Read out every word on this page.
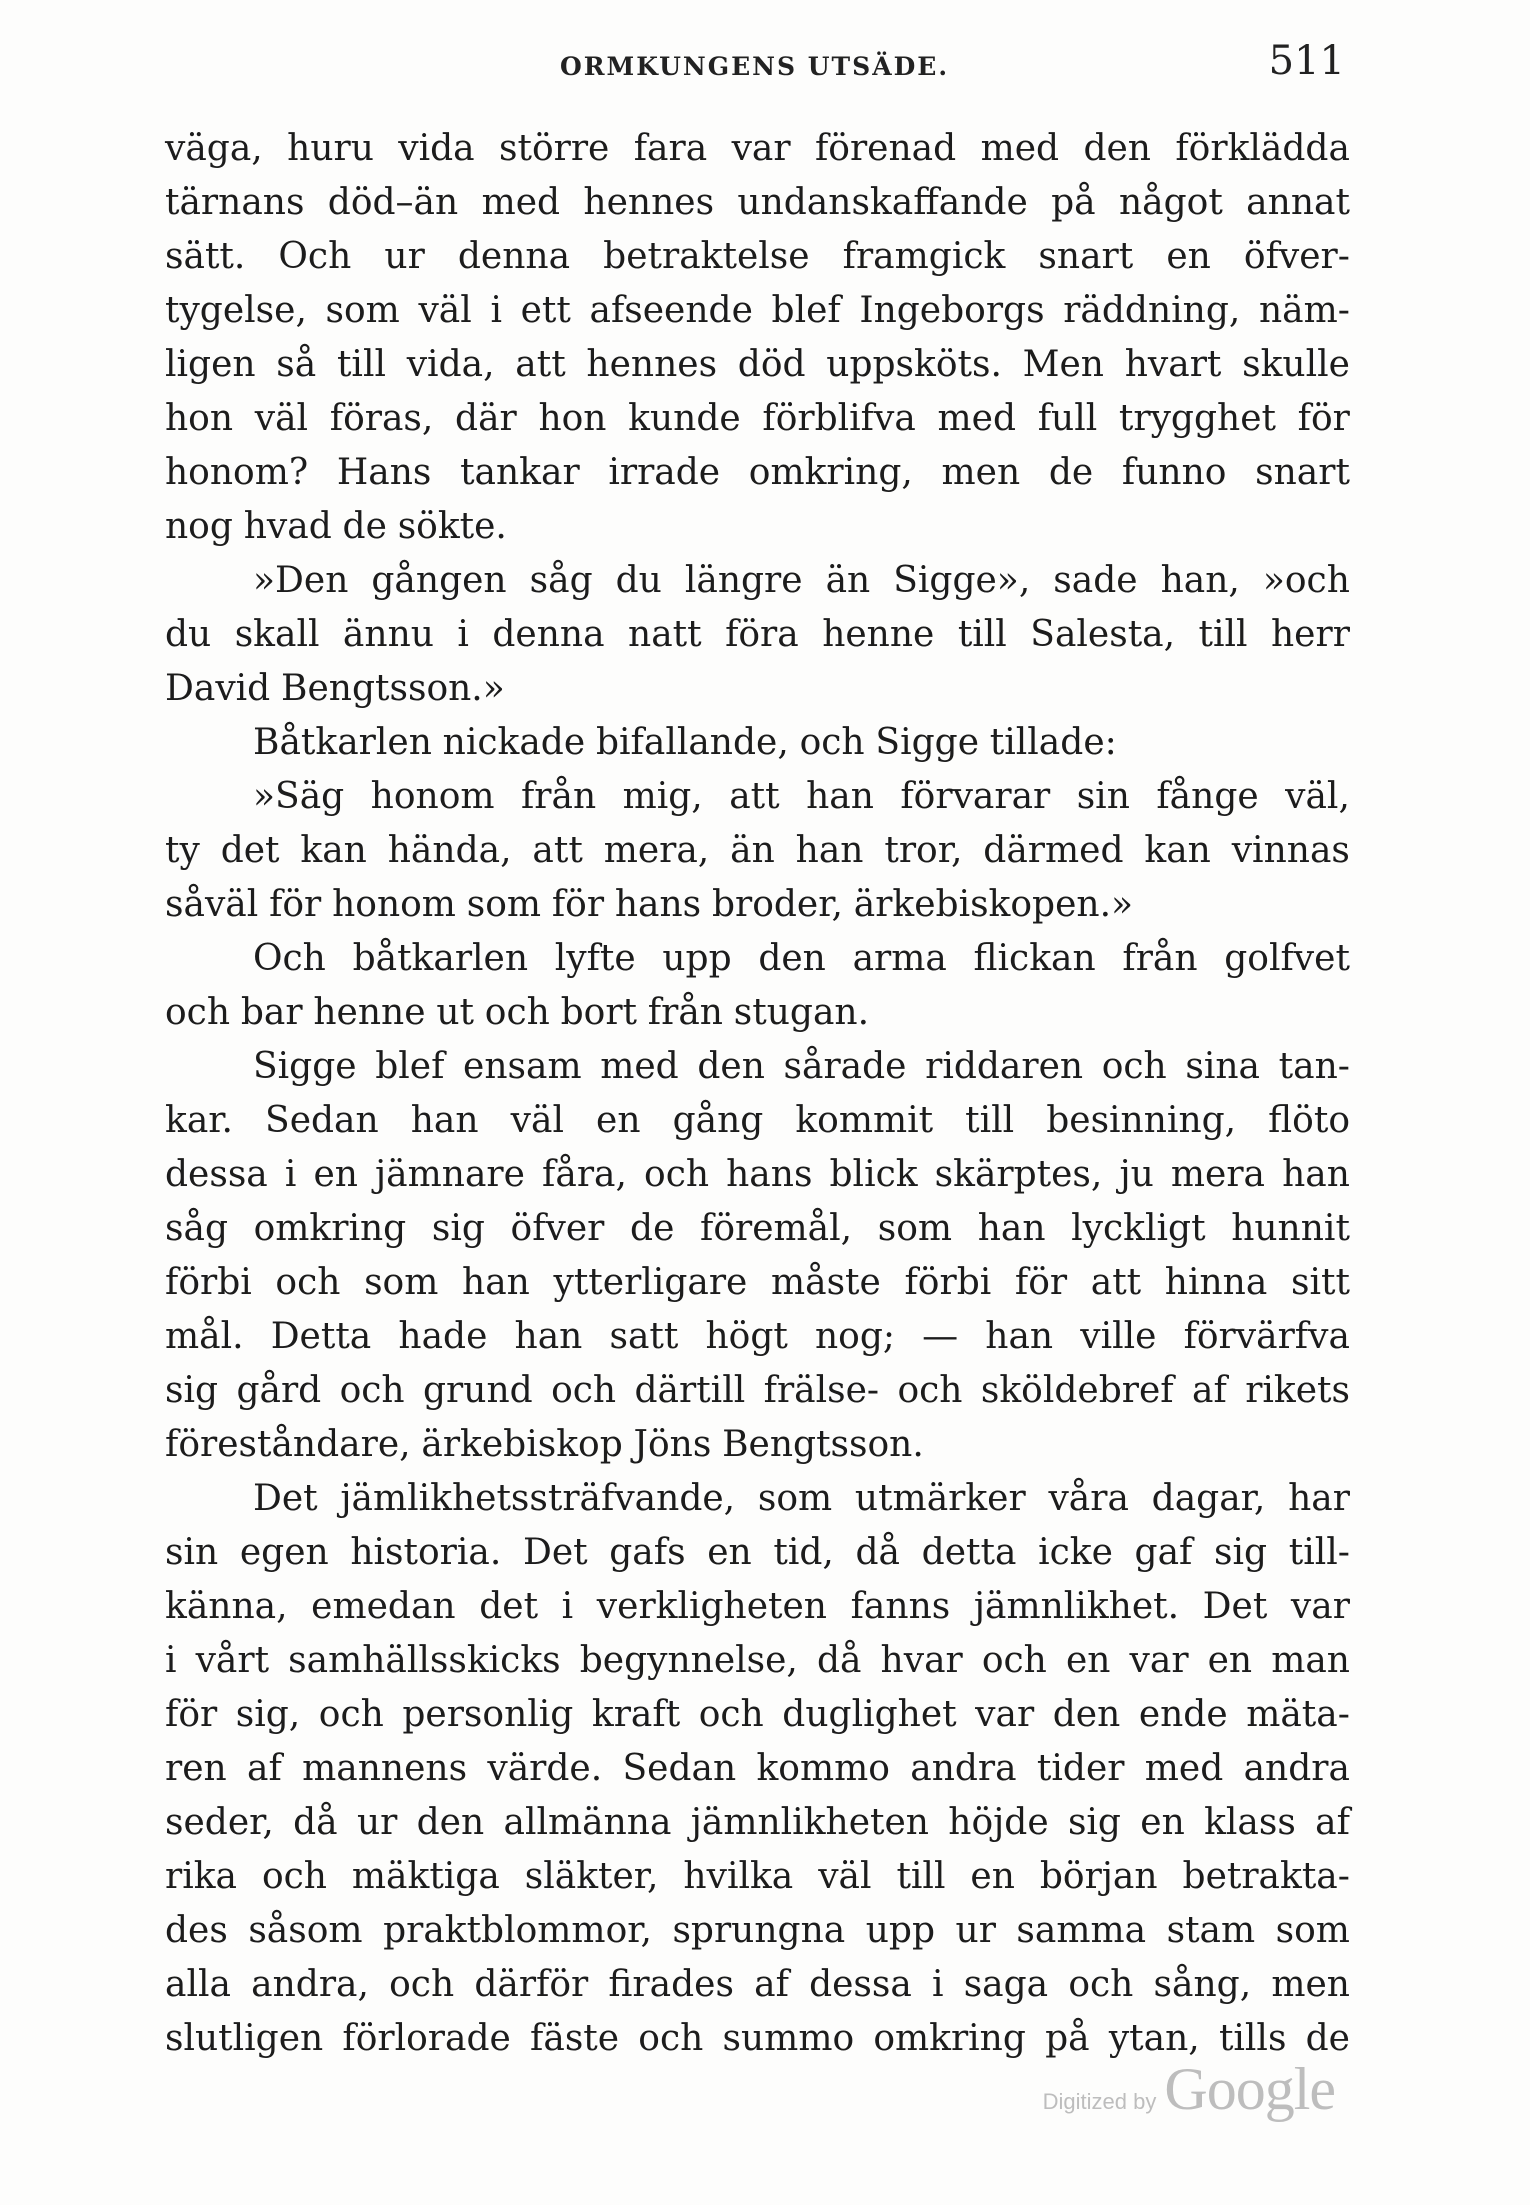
ORMKUNGENS UTSÄDE.	511
väga, huru vida större fara var förenad med den förklädda
tärnans död–än med hennes undanskaffande på något annat
sätt. Och ur denna betraktelse framgick snart en öfver-
tygelse, som väl i ett afseende blef Ingeborgs räddning, näm-
ligen så till vida, att hennes död uppsköts. Men hvart skulle
hon väl föras, där hon kunde förblifva med full trygghet för
honom? Hans tankar irrade omkring, men de funno snart
nog hvad de sökte.
»Den gången såg du längre än Sigge», sade han, »och
du skall ännu i denna natt föra henne till Salesta, till herr
David Bengtsson.»
Båtkarlen nickade bifallande, och Sigge tillade:
»Säg honom från mig, att han förvarar sin fånge väl,
ty det kan hända, att mera, än han tror, därmed kan vinnas
såväl för honom som för hans broder, ärkebiskopen.»
Och båtkarlen lyfte upp den arma flickan från golfvet
och bar henne ut och bort från stugan.
Sigge blef ensam med den sårade riddaren och sina tan-
kar. Sedan han väl en gång kommit till besinning, flöto
dessa i en jämnare fåra, och hans blick skärptes, ju mera han
såg omkring sig öfver de föremål, som han lyckligt hunnit
förbi och som han ytterligare måste förbi för att hinna sitt
mål. Detta hade han satt högt nog; — han ville förvärfva
sig gård och grund och därtill frälse- och sköldebref af rikets
föreståndare, ärkebiskop Jöns Bengtsson.
Det jämlikhetssträfvande, som utmärker våra dagar, har
sin egen historia. Det gafs en tid, då detta icke gaf sig till-
känna, emedan det i verkligheten fanns jämnlikhet. Det var
i vårt samhällsskicks begynnelse, då hvar och en var en man
för sig, och personlig kraft och duglighet var den ende mäta-
ren af mannens värde. Sedan kommo andra tider med andra
seder, då ur den allmänna jämnlikheten höjde sig en klass af
rika och mäktiga släkter, hvilka väl till en början betrakta-
des såsom praktblommor, sprungna upp ur samma stam som
alla andra, och därför firades af dessa i saga och sång, men
slutligen förlorade fäste och summo omkring på ytan, tills de
Digitized by Google
